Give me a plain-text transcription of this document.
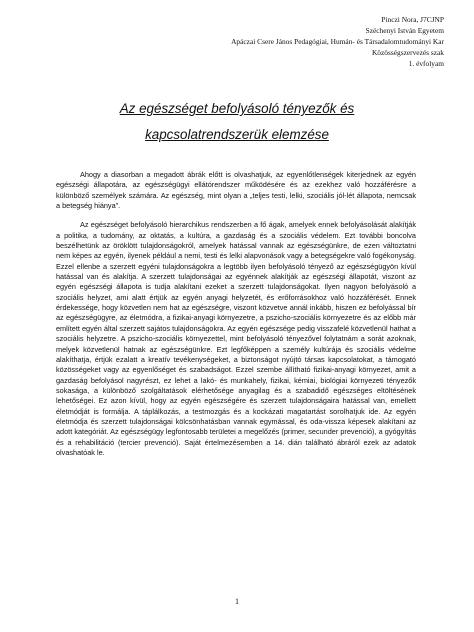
Pinczi Nora, J7CJNP
Széchenyi István Egyetem
Apáczai Csere János Pedagógiai, Humán- és Társadalomtudományi Kar
Közösségszervezés szak
1. évfolyam
Az egészséget befolyásoló tényezők és
kapcsolatrendszerük elemzése

Ahogy a diasorban a megadott ábrák előtt is olvashatjuk, az egyenlőtlenségek kiterjednek az egyén egészségi állapotára, az egészségügyi ellátórendszer működésére és az ezekhez való hozzáférésre a különböző személyek számára. Az egészség, mint olyan a „teljes testi, lelki, szociális jól-lét állapota, nemcsak a betegség hiánya”.

Az egészséget befolyásoló hierarchikus rendszerben a fő ágak, amelyek ennek befolyásolását alakítják a politika, a tudomány, az oktatás, a kultúra, a gazdaság és a szociális védelem. Ezt további boncolva beszélhetünk az öröklött tulajdonságokról, amelyek hatással vannak az egészségünkre, de ezen változtatni nem képes az egyén, ilyenek például a nemi, testi és lelki alapvonások vagy a betegségekre való fogékonyság. Ezzel ellenbe a szerzett egyéni tulajdonságokra a legtöbb ilyen befolyásoló tényező az egészségügyön kívül hatással van és alakítja. A szerzett tulajdonságai az egyénnek alakítják az egészségi állapotát, viszont az egyén egészségi állapota is tudja alakítani ezeket a szerzett tulajdonságokat. Ilyen nagyon befolyásoló a szociális helyzet, ami alatt értjük az egyén anyagi helyzetét, és erőforrásokhoz való hozzáférését. Ennek érdekessége, hogy közvetlen nem hat az egészségre, viszont közvetve annál inkább, hiszen ez befolyással bír az egészségügyre, az életmódra, a fizikai-anyagi környezetre, a pszicho-szociális környezetre és az előbb már említett egyén által szerzett sajátos tulajdonságokra. Az egyén egészsége pedig visszafelé közvetlenül hathat a szociális helyzetre. A pszicho-szociális környezettel, mint befolyásoló tényezővel folytatnám a sorát azoknak, melyek közvetlenül hatnak az egészségünkre. Ezt legfőképpen a személy kultúrája és szociális védelme alakíthatja, értjük ezalatt a kreatív tevékenységeket, a biztonságot nyújtó társas kapcsolatokat, a támogató közösségeket vagy az egyenlőséget és szabadságot. Ezzel szembe állítható fizikai-anyagi környezet, amit a gazdaság befolyásol nagyrészt, ez lehet a lakó- és munkahely, fizikai, kémiai, biológiai környezeti tényezők sokasága, a különböző szolgáltatások elérhetősége anyagilag és a szabadidő egészséges eltöltésének lehetőségei. Ez azon kívül, hogy az egyén egészségére és szerzett tulajdonságaira hatással van, emellett életmódját is formálja. A táplálkozás, a testmozgás és a kockázati magatartást sorolhatjuk ide. Az egyén életmódja és szerzett tulajdonságai kölcsönhatásban vannak egymással, és oda-vissza képesek alakítani az adott kategóriát. Az egészségügy legfontosabb területei a megelőzés (primer, secunder prevenció), a gyógyítás és a rehabilitáció (tercier prevenció). Saját értelmezésemben a 14. dián található ábráról ezek az adatok olvashatóak le.

1
